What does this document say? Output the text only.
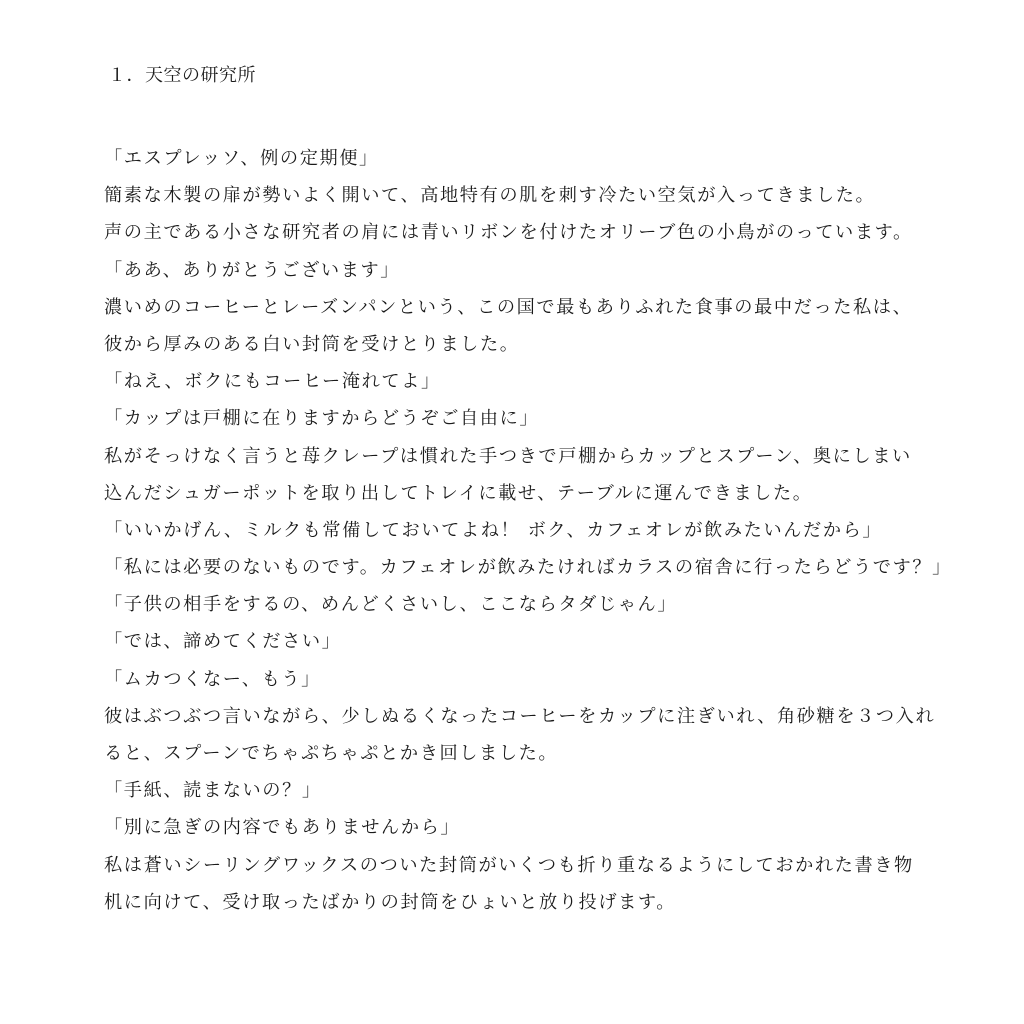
１．天空の研究所
「エスプレッソ、例の定期便」
簡素な木製の扉が勢いよく開いて、高地特有の肌を刺す冷たい空気が入ってきました。
声の主である小さな研究者の肩には青いリボンを付けたオリーブ色の小鳥がのっています。
「ああ、ありがとうございます」
濃いめのコーヒーとレーズンパンという、この国で最もありふれた食事の最中だった私は、
彼から厚みのある白い封筒を受けとりました。
「ねえ、ボクにもコーヒー淹れてよ」
「カップは戸棚に在りますからどうぞご自由に」
私がそっけなく言うと苺クレープは慣れた手つきで戸棚からカップとスプーン、奥にしまい
込んだシュガーポットを取り出してトレイに載せ、テーブルに運んできました。
「いいかげん、ミルクも常備しておいてよね！ ボク、カフェオレが飲みたいんだから」
「私には必要のないものです。カフェオレが飲みたければカラスの宿舎に行ったらどうです？」
「子供の相手をするの、めんどくさいし、ここならタダじゃん」
「では、諦めてください」
「ムカつくなー、もう」
彼はぶつぶつ言いながら、少しぬるくなったコーヒーをカップに注ぎいれ、角砂糖を３つ入れ
ると、スプーンでちゃぷちゃぷとかき回しました。
「手紙、読まないの？」
「別に急ぎの内容でもありませんから」
私は蒼いシーリングワックスのついた封筒がいくつも折り重なるようにしておかれた書き物
机に向けて、受け取ったばかりの封筒をひょいと放り投げます。
